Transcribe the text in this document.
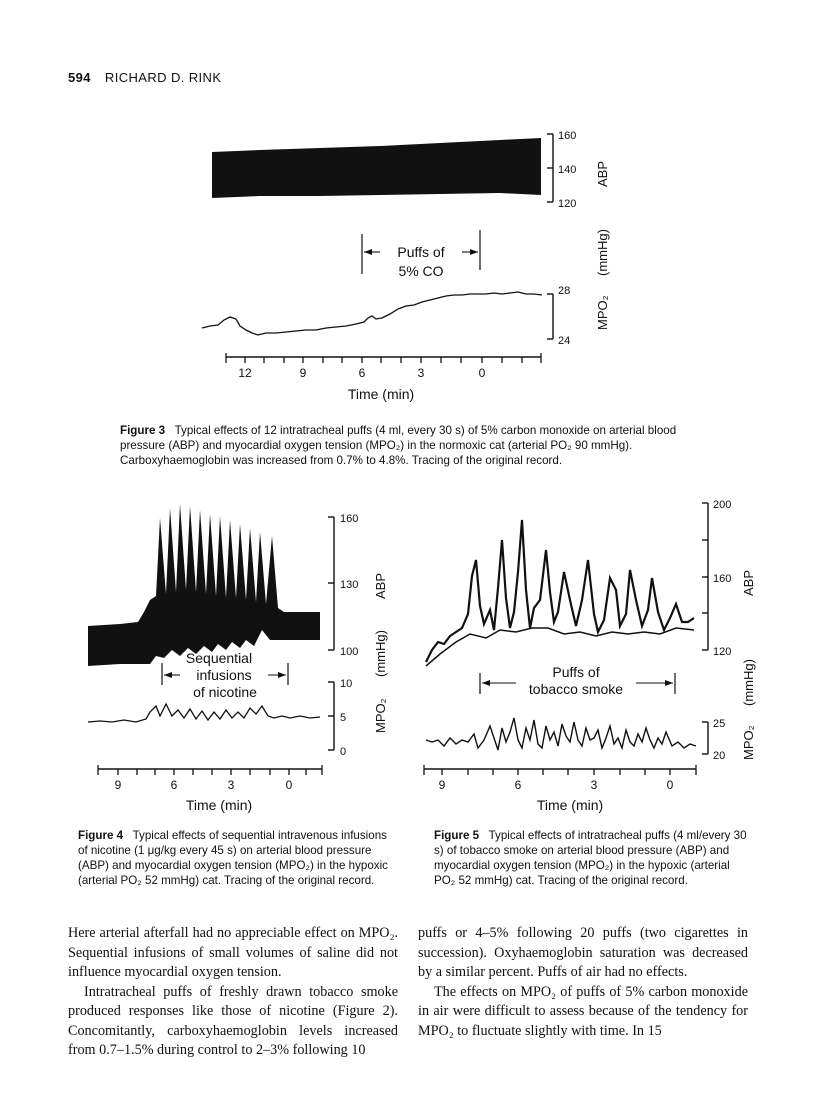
594 RICHARD D. RINK
160
140
120
ABP
(mmHg)
MPO₂
Puffs of
5% CO
28
24
12	9	6	3	0
Time (min)
160
130
100
ABP
(mmHg)
MPO₂
Sequential
infusions
of nicotine	10
5
0
9	6	3	0
Time (min)
200
160
120
ABP
(mmHg)
MPO₂
Puffs of
tobacco smoke
25
20
9	6	3	0
Time (min)
Figure 3 Typical effects of 12 intratracheal puffs (4 ml, every 30 s) of 5% carbon monoxide on arterial blood pressure (ABP) and myocardial oxygen tension (MPO₂) in the normoxic cat (arterial PO₂ 90 mmHg). Carboxyhaemoglobin was increased from 0.7% to 4.8%. Tracing of the original record.
Figure 4 Typical effects of sequential intravenous infusions of nicotine (1 μg/kg every 45 s) on arterial blood pressure (ABP) and myocardial oxygen tension (MPO₂) in the hypoxic (arterial PO₂ 52 mmHg) cat. Tracing of the original record.
Figure 5 Typical effects of intratracheal puffs (4 ml/every 30 s) of tobacco smoke on arterial blood pressure (ABP) and myocardial oxygen tension (MPO₂) in the hypoxic (arterial PO₂ 52 mmHg) cat. Tracing of the original record.

Here arterial afterfall had no appreciable effect on MPO₂. Sequential infusions of small volumes of saline did not influence myocardial oxygen tension.

Intratracheal puffs of freshly drawn tobacco smoke produced responses like those of nicotine (Figure 2). Concomitantly, carboxyhaemoglobin levels increased from 0.7–1.5% during control to 2–3% following 10

puffs or 4–5% following 20 puffs (two cigarettes in succession). Oxyhaemoglobin saturation was decreased by a similar percent. Puffs of air had no effects.

The effects on MPO₂ of puffs of 5% carbon monoxide in air were difficult to assess because of the tendency for MPO₂ to fluctuate slightly with time. In 15
